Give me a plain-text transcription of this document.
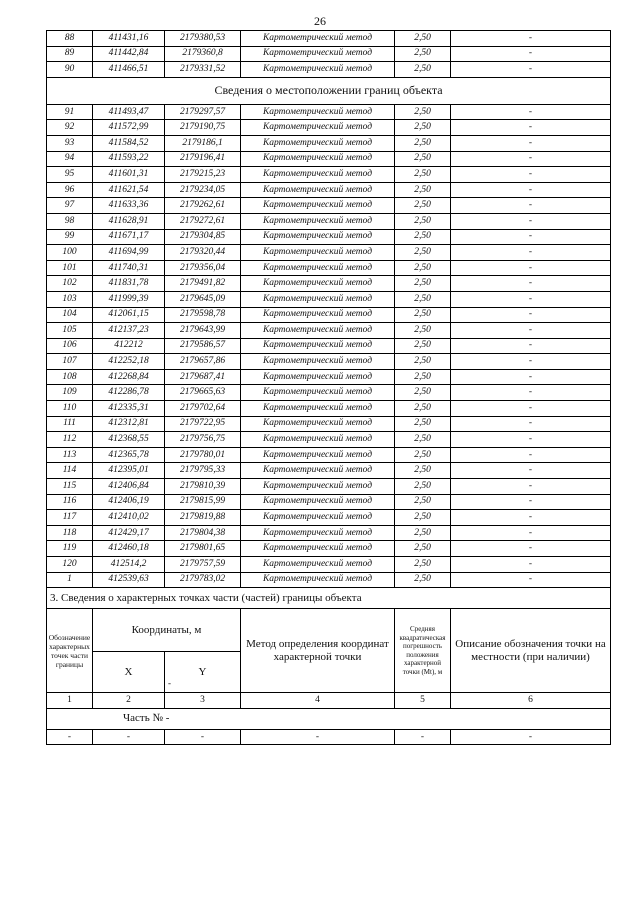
26
88	411431,16	2179380,53	Картометрический метод	2,50	-
89	411442,84	2179360,8	Картометрический метод	2,50	-
90	411466,51	2179331,52	Картометрический метод	2,50	-
Сведения о местоположении границ объекта					
91	411493,47	2179297,57	Картометрический метод	2,50	-
92	411572,99	2179190,75	Картометрический метод	2,50	-
93	411584,52	2179186,1	Картометрический метод	2,50	-
94	411593,22	2179196,41	Картометрический метод	2,50	-
95	411601,31	2179215,23	Картометрический метод	2,50	-
96	411621,54	2179234,05	Картометрический метод	2,50	-
97	411633,36	2179262,61	Картометрический метод	2,50	-
98	411628,91	2179272,61	Картометрический метод	2,50	-
99	411671,17	2179304,85	Картометрический метод	2,50	-
100	411694,99	2179320,44	Картометрический метод	2,50	-
101	411740,31	2179356,04	Картометрический метод	2,50	-
102	411831,78	2179491,82	Картометрический метод	2,50	-
103	411999,39	2179645,09	Картометрический метод	2,50	-
104	412061,15	2179598,78	Картометрический метод	2,50	-
105	412137,23	2179643,99	Картометрический метод	2,50	-
106	412212	2179586,57	Картометрический метод	2,50	-
107	412252,18	2179657,86	Картометрический метод	2,50	-
108	412268,84	2179687,41	Картометрический метод	2,50	-
109	412286,78	2179665,63	Картометрический метод	2,50	-
110	412335,31	2179702,64	Картометрический метод	2,50	-
111	412312,81	2179722,95	Картометрический метод	2,50	-
112	412368,55	2179756,75	Картометрический метод	2,50	-
113	412365,78	2179780,01	Картометрический метод	2,50	-
114	412395,01	2179795,33	Картометрический метод	2,50	-
115	412406,84	2179810,39	Картометрический метод	2,50	-
116	412406,19	2179815,99	Картометрический метод	2,50	-
117	412410,02	2179819,88	Картометрический метод	2,50	-
118	412429,17	2179804,38	Картометрический метод	2,50	-
119	412460,18	2179801,65	Картометрический метод	2,50	-
120	412514,2	2179757,59	Картометрический метод	2,50	-
1	412539,63	2179783,02	Картометрический метод	2,50	-
3. Сведения о характерных точках части (частей) границы объекта					
Обозначение характерных точек части границы	Координаты, м		Метод определения координат характерной точки	Средняя квадратическая погрешность положения характерной точки (Mt), м	Описание обозначения точки на местности (при наличии)
	X	Y
-			

1	2	3	4	5	6
Часть № -					
-	-	-	-	-	-
